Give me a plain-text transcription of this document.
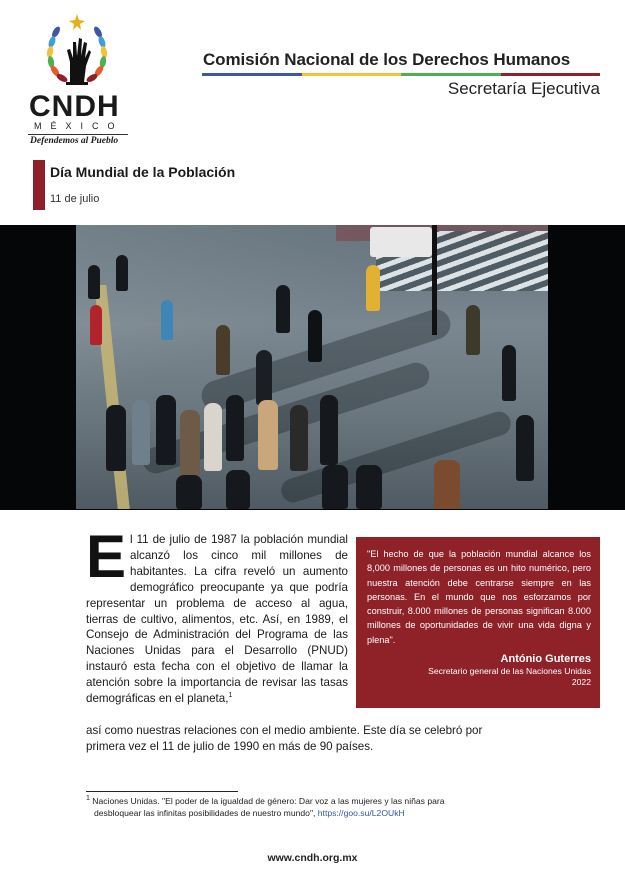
CNDH
MÉXICO
Defendemos al Pueblo
Comisión Nacional de los Derechos Humanos
Secretaría Ejecutiva
Día Mundial de la Población
11 de julio
El 11 de julio de 1987 la población mundial alcanzó los cinco mil millones de habitantes. La cifra reveló un aumento demográfico preocupante ya que podría representar un problema de acceso al agua, tierras de cultivo, alimentos, etc. Así, en 1989, el Consejo de Administración del Programa de las Naciones Unidas para el Desarrollo (PNUD) instauró esta fecha con el objetivo de llamar la atención sobre la importancia de revisar las tasas demográficas en el planeta,$^1$
así como nuestras relaciones con el medio ambiente. Este día se celebró por
primera vez el 11 de julio de 1990 en más de 90 países.
"El hecho de que la población mundial alcance los 8,000 millones de personas es un hito numérico, pero nuestra atención debe centrarse siempre en las personas. En el mundo que nos esforzamos por construir, 8.000 millones de personas significan 8.000 millones de oportunidades de vivir una vida digna y plena".
António Guterres
Secretario general de las Naciones Unidas
2022
$^1$ Naciones Unidas. "El poder de la igualdad de género: Dar voz a las mujeres y las niñas para
desbloquear las infinitas posibilidades de nuestro mundo", https://goo.su/L2OUkH
www.cndh.org.mx
